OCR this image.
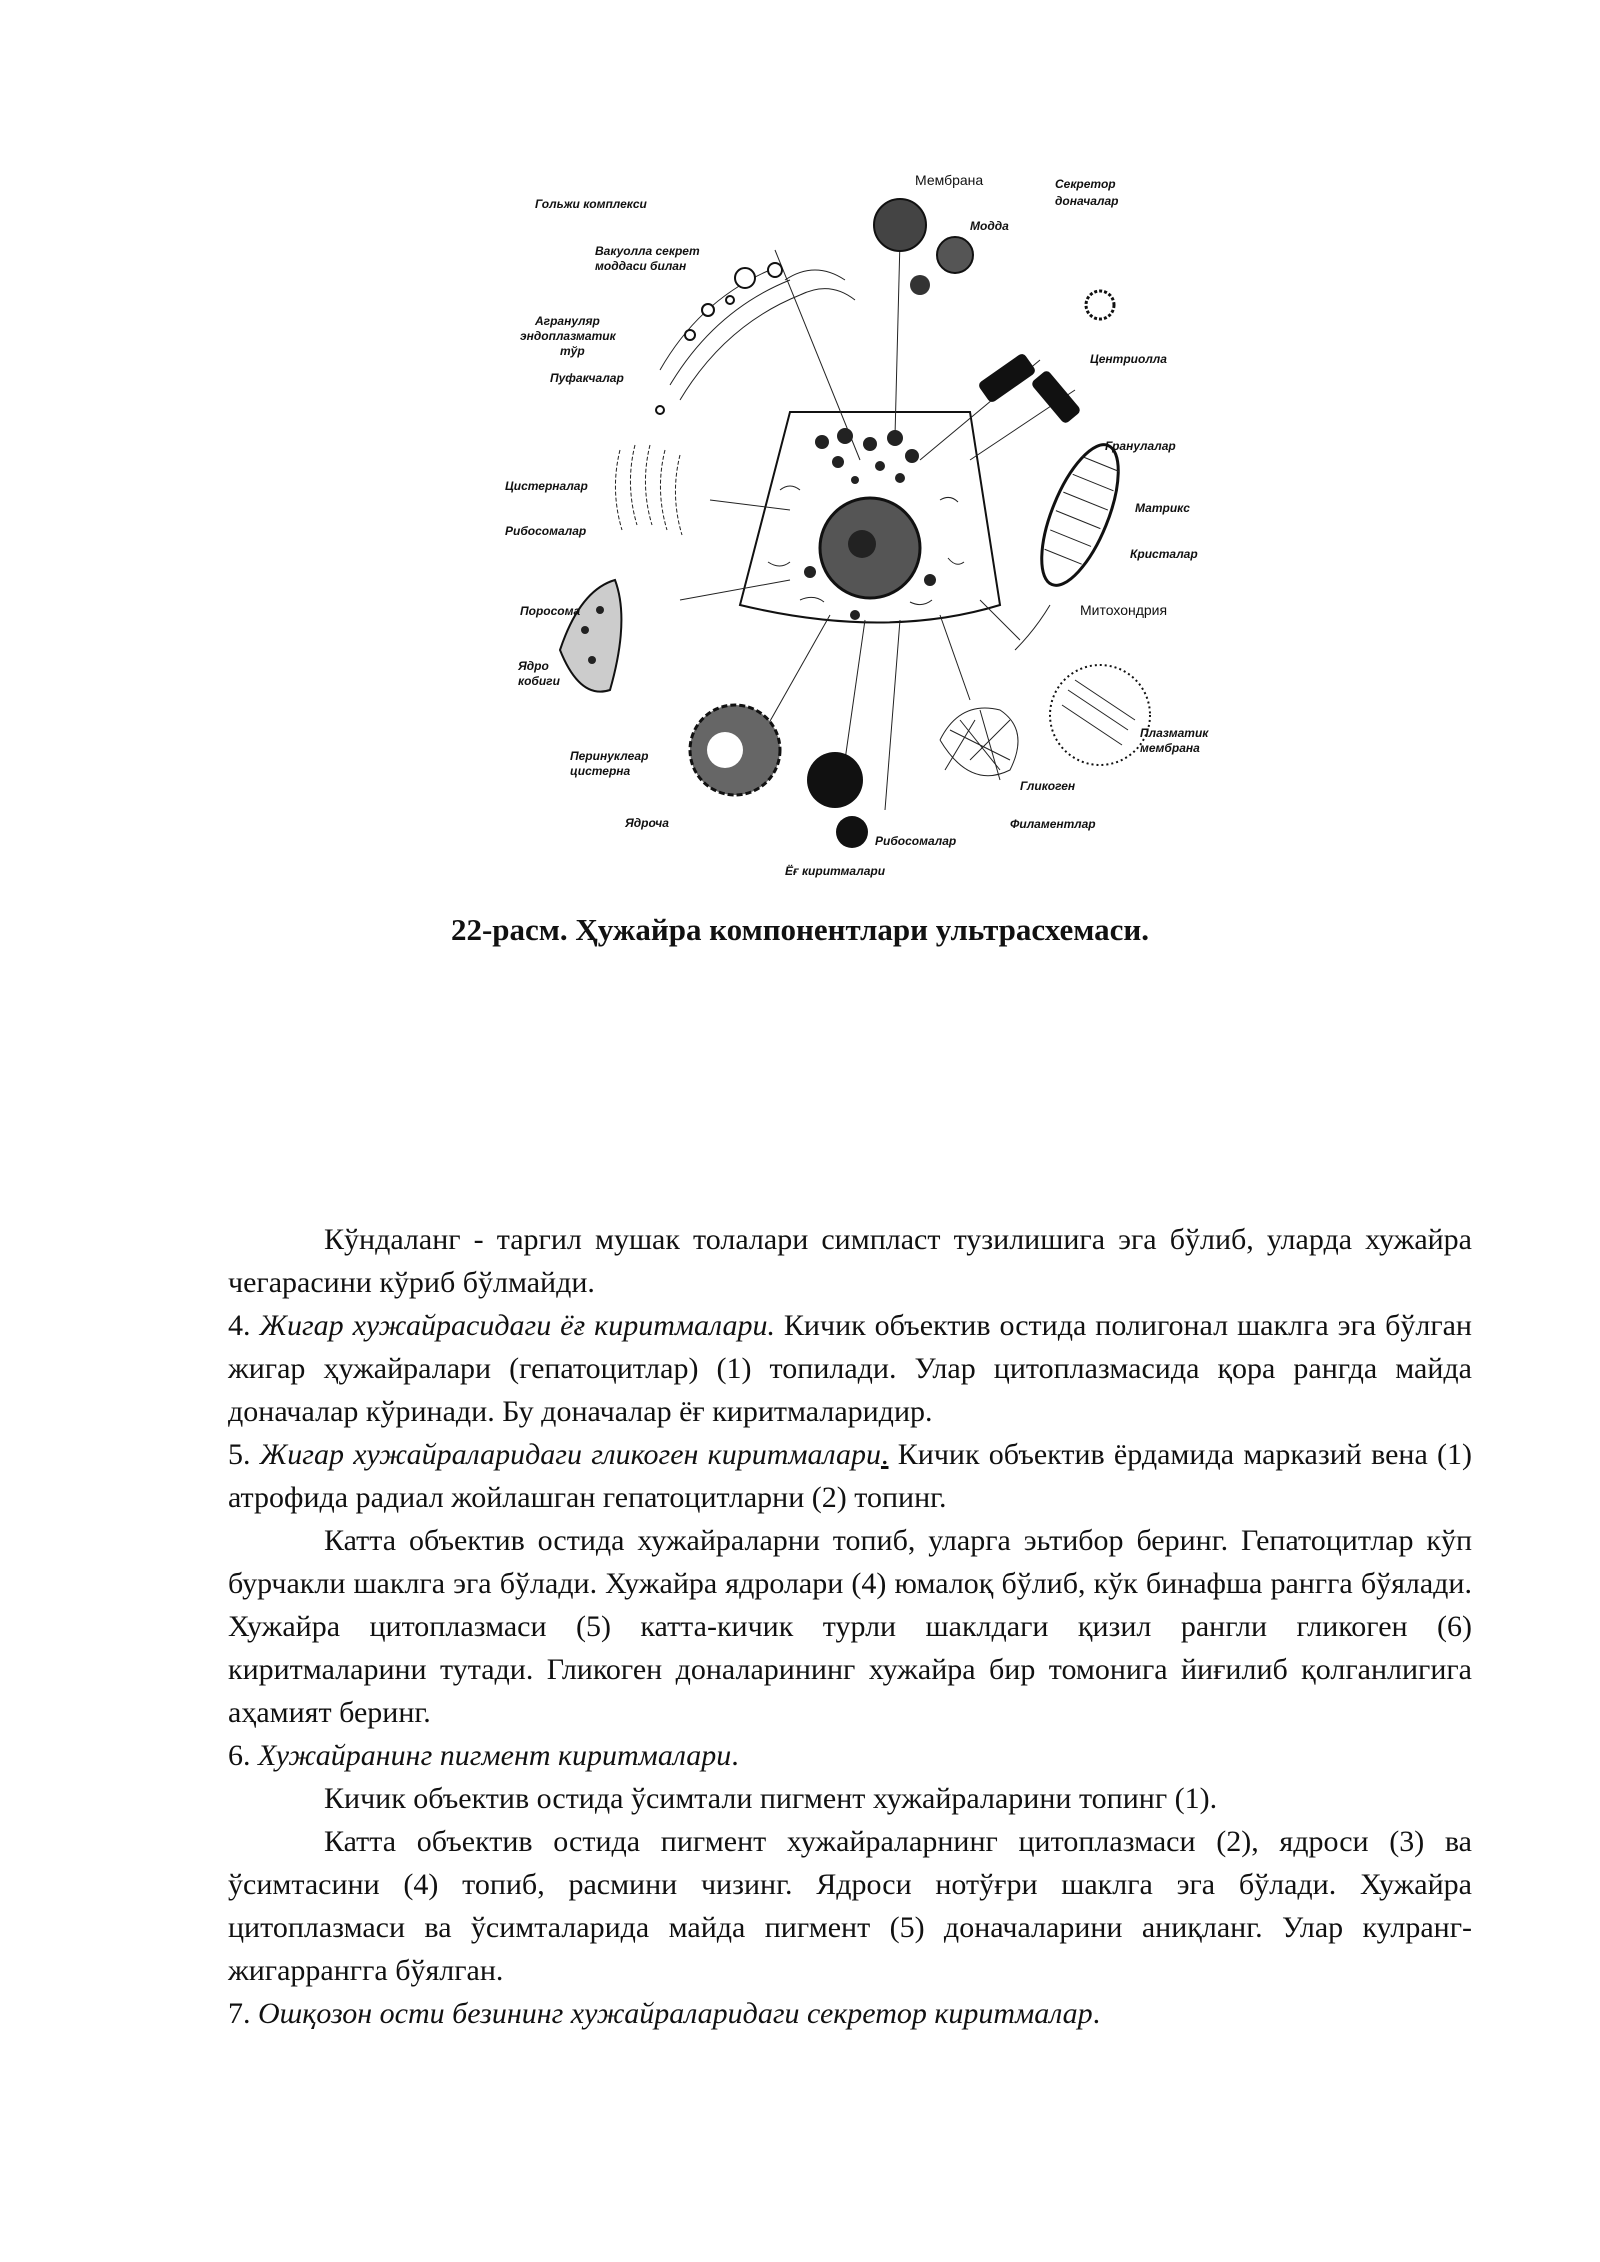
Гольжи комплекси
Вакуолла секрет
моддаси билан
Агрануляр
эндоплазматик
тўр
Пуфакчалар
Цистерналар
Рибосомалар
Поросома
Ядро
кобиги
Перинуклеар
цистерна
Ядроча
Ёғ киритмалари
Рибосомалар
Филаментлар
Гликоген
Плазматик
мембрана
Митохондрия
Кристалар
Матрикс
Гранулалар
Центриолла
Секретор
доначалар
Модда
Мембрана
22-расм. Ҳужайра компонентлари ультрасхемаси.

Кўндаланг - таргил мушак толалари симпласт тузилишига эга бўлиб, уларда хужайра чегарасини кўриб бўлмайди.

4. Жигар хужайрасидаги ёғ киритмалари. Кичик объектив остида полигонал шаклга эга бўлган жигар ҳужайралари (гепатоцитлар) (1) топилади. Улар цитоплазмасида қора рангда майда доначалар кўринади. Бу доначалар ёғ киритмаларидир.

5. Жигар хужайраларидаги гликоген киритмалари. Кичик объектив ёрдамида марказий вена (1) атрофида радиал жойлашган гепатоцитларни (2) топинг.

Катта объектив остида хужайраларни топиб, уларга эьтибор беринг. Гепатоцитлар кўп бурчакли шаклга эга бўлади. Хужайра ядролари (4) юмалоқ бўлиб, кўк бинафша рангга бўялади. Хужайра цитоплазмаси (5) катта-кичик турли шаклдаги қизил рангли гликоген (6) киритмаларини тутади. Гликоген доналарининг хужайра бир томонига йиғилиб қолганлигига аҳамият беринг.

6. Хужайранинг пигмент киритмалари.

Кичик объектив остида ўсимтали пигмент хужайраларини топинг (1).

Катта объектив остида пигмент хужайраларнинг цитоплазмаси (2), ядроси (3) ва ўсимтасини (4) топиб, расмини чизинг. Ядроси нотўғри шаклга эга бўлади. Хужайра цитоплазмаси ва ўсимталарида майда пигмент (5) доначаларини аниқланг. Улар кулранг-жигаррангга бўялган.

7. Ошқозон ости безининг хужайраларидаги секретор киритмалар.
